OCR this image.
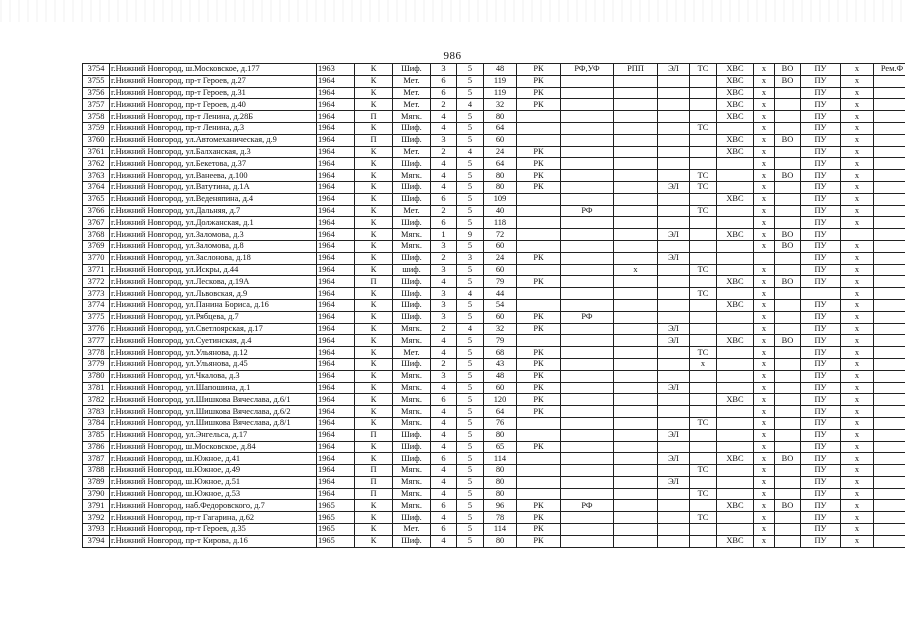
986
3754	г.Нижний Новгород, ш.Московское, д.177	1963	К	Шиф.	3	5	48	РК	РФ,УФ	РПП	ЭЛ	ТС	ХВС	х	ВО	ПУ	х	Рем.Ф
3755	г.Нижний Новгород, пр-т Героев, д.27	1964	К	Мет.	6	5	119	РК					ХВС	х	ВО	ПУ	х	
3756	г.Нижний Новгород, пр-т Героев, д.31	1964	К	Мет.	6	5	119	РК					ХВС	х		ПУ	х	
3757	г.Нижний Новгород, пр-т Героев, д.40	1964	К	Мет.	2	4	32	РК					ХВС	х		ПУ	х	
3758	г.Нижний Новгород, пр-т Ленина, д.28Б	1964	П	Мягк.	4	5	80						ХВС	х		ПУ	х	
3759	г.Нижний Новгород, пр-т Ленина, д.3	1964	К	Шиф.	4	5	64					ТС		х		ПУ	х	
3760	г.Нижний Новгород, ул.Автомеханическая, д.9	1964	П	Шиф.	3	5	60						ХВС	х	ВО	ПУ	х	
3761	г.Нижний Новгород, ул.Балханская, д.3	1964	К	Мет.	2	4	24	РК					ХВС	х		ПУ	х	
3762	г.Нижний Новгород, ул.Бекетова, д.37	1964	К	Шиф.	4	5	64	РК						х		ПУ	х	
3763	г.Нижний Новгород, ул.Ванеева, д.100	1964	К	Мягк.	4	5	80	РК				ТС		х	ВО	ПУ	х	
3764	г.Нижний Новгород, ул.Ватутина, д.1А	1964	К	Шиф.	4	5	80	РК			ЭЛ	ТС		х		ПУ	х	
3765	г.Нижний Новгород, ул.Веденяпина, д.4	1964	К	Шиф.	6	5	109						ХВС	х		ПУ	х	
3766	г.Нижний Новгород, ул.Дальняя, д.7	1964	К	Мет.	2	5	40		РФ			ТС		х		ПУ	х	
3767	г.Нижний Новгород, ул.Должанская, д.1	1964	К	Шиф.	6	5	118							х		ПУ	х	
3768	г.Нижний Новгород, ул.Заломова, д.3	1964	К	Мягк.	1	9	72				ЭЛ		ХВС	х	ВО	ПУ		
3769	г.Нижний Новгород, ул.Заломова, д.8	1964	К	Мягк.	3	5	60							х	ВО	ПУ	х	
3770	г.Нижний Новгород, ул.Заслонова, д.18	1964	К	Шиф.	2	3	24	РК			ЭЛ					ПУ	х	
3771	г.Нижний Новгород, ул.Искры, д.44	1964	К	шиф.	3	5	60			х		ТС		х		ПУ	х	
3772	г.Нижний Новгород, ул.Лескова, д.19А	1964	П	Шиф.	4	5	79	РК					ХВС	х	ВО	ПУ	х	
3773	г.Нижний Новгород, ул.Львовская, д.9	1964	К	Шиф.	3	4	44					ТС		х			х	
3774	г.Нижний Новгород, ул.Панина Бориса, д.16	1964	К	Шиф.	3	5	54						ХВС	х		ПУ	х	
3775	г.Нижний Новгород, ул.Рябцева, д.7	1964	К	Шиф.	3	5	60	РК	РФ					х		ПУ	х	
3776	г.Нижний Новгород, ул.Светлоярская, д.17	1964	К	Мягк.	2	4	32	РК			ЭЛ			х		ПУ	х	
3777	г.Нижний Новгород, ул.Суетинская, д.4	1964	К	Мягк.	4	5	79				ЭЛ		ХВС	х	ВО	ПУ	х	
3778	г.Нижний Новгород, ул.Ульянова, д.12	1964	К	Мет.	4	5	68	РК				ТС		х		ПУ	х	
3779	г.Нижний Новгород, ул.Ульянова, д.45	1964	К	Шиф.	2	5	43	РК				х		х		ПУ	х	
3780	г.Нижний Новгород, ул.Чкалова, д.3	1964	К	Мягк.	3	5	48	РК						х		ПУ	х	
3781	г.Нижний Новгород, ул.Шапошина, д.1	1964	К	Мягк.	4	5	60	РК			ЭЛ			х		ПУ	х	
3782	г.Нижний Новгород, ул.Шишкова Вячеслава, д.6/1	1964	К	Мягк.	6	5	120	РК					ХВС	х		ПУ	х	
3783	г.Нижний Новгород, ул.Шишкова Вячеслава, д.6/2	1964	К	Мягк.	4	5	64	РК						х		ПУ	х	
3784	г.Нижний Новгород, ул.Шишкова Вячеслава, д.8/1	1964	К	Мягк.	4	5	76					ТС		х		ПУ	х	
3785	г.Нижний Новгород, ул.Энгельса, д.17	1964	П	Шиф.	4	5	80				ЭЛ			х		ПУ	х	
3786	г.Нижний Новгород, ш.Московское, д.84	1964	К	Шиф.	4	5	65	РК						х		ПУ	х	
3787	г.Нижний Новгород, ш.Южное, д.41	1964	К	Шиф.	6	5	114				ЭЛ		ХВС	х	ВО	ПУ	х	
3788	г.Нижний Новгород, ш.Южное, д.49	1964	П	Мягк.	4	5	80					ТС		х		ПУ	х	
3789	г.Нижний Новгород, ш.Южное, д.51	1964	П	Мягк.	4	5	80				ЭЛ			х		ПУ	х	
3790	г.Нижний Новгород, ш.Южное, д.53	1964	П	Мягк.	4	5	80					ТС		х		ПУ	х	
3791	г.Нижний Новгород, наб.Федоровского, д.7	1965	К	Мягк.	6	5	96	РК	РФ				ХВС	х	ВО	ПУ	х	
3792	г.Нижний Новгород, пр-т Гагарина, д.62	1965	К	Шиф.	4	5	78	РК				ТС		х		ПУ	х	
3793	г.Нижний Новгород, пр-т Героев, д.35	1965	К	Мет.	6	5	114	РК						х		ПУ	х	
3794	г.Нижний Новгород, пр-т Кирова, д.16	1965	К	Шиф.	4	5	80	РК					ХВС	х		ПУ	х	
